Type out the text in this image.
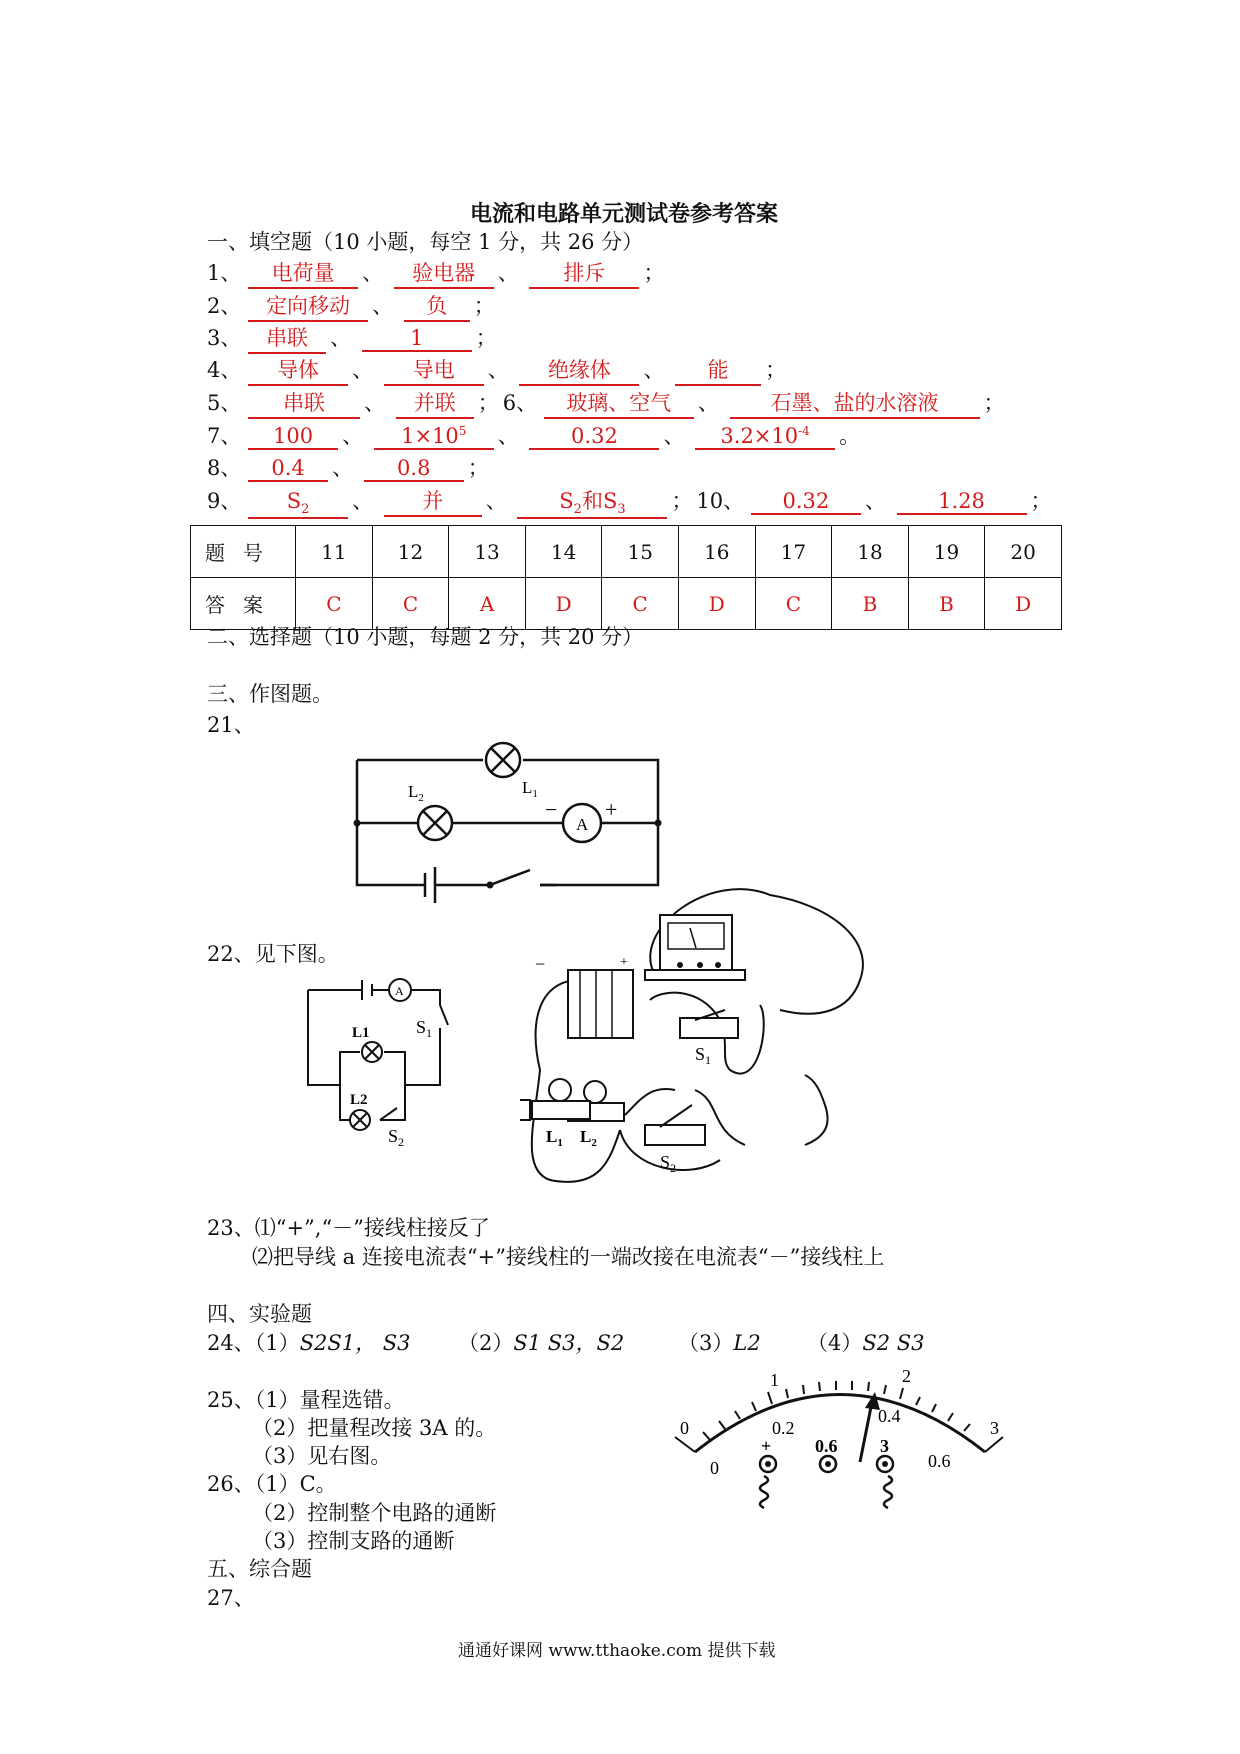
电流和电路单元测试卷参考答案
一、填空题（10 小题，每空 1 分，共 26 分）
1、 电荷量 、 验电器 、 排斥 ；
2、 定向移动 、 负 ；
3、 串联 、	1 ；
4、 导体 、 导电 、 绝缘体 、 能 ；
5、 串联 、 并联 ； 6、 玻璃、空气 、 石墨、盐的水溶液 ；
7、 100 、 $1\times 10^5$ 、 0.32 、 $3.2\times 10^{-4}$ 。
8、 0.4 、 0.8 ；
9、 $S_2$ 、 并 、	$S_2$和$S_3$ ； 10、 0.32 、 1.28 ；
题号	11	12	13	14	15	16	17	18	19	20
答案	C	C	A	D	C	D	C	B	B	D
二、选择题（10 小题，每题 2 分，共 20 分）
三、作图题。
21、
A
− +
$L_1$
$L_2$
22、见下图。
A
L1
L2
$S_1$
$S_2$
−	+
$S_1$
$L_2$
$S_2$
$L_1$
23、⑴“+”,“－”接线柱接反了
⑵把导线 a 连接电流表“+”接线柱的一端改接在电流表“－”接线柱上
四、实验题
24、（1）S2S1， S3 （2）S1 S3，S2	（3）L2 （4）S2 S3
25、（1）量程选错。
（2）把量程改接 3A 的。
（3）见右图。
0
1	2
3
0
0.2
0.4
0.6
+ 0.6 3
26、（1）C。
（2）控制整个电路的通断
（3）控制支路的通断
五、综合题
27、
通通好课网 www.tthaoke.com 提供下载
